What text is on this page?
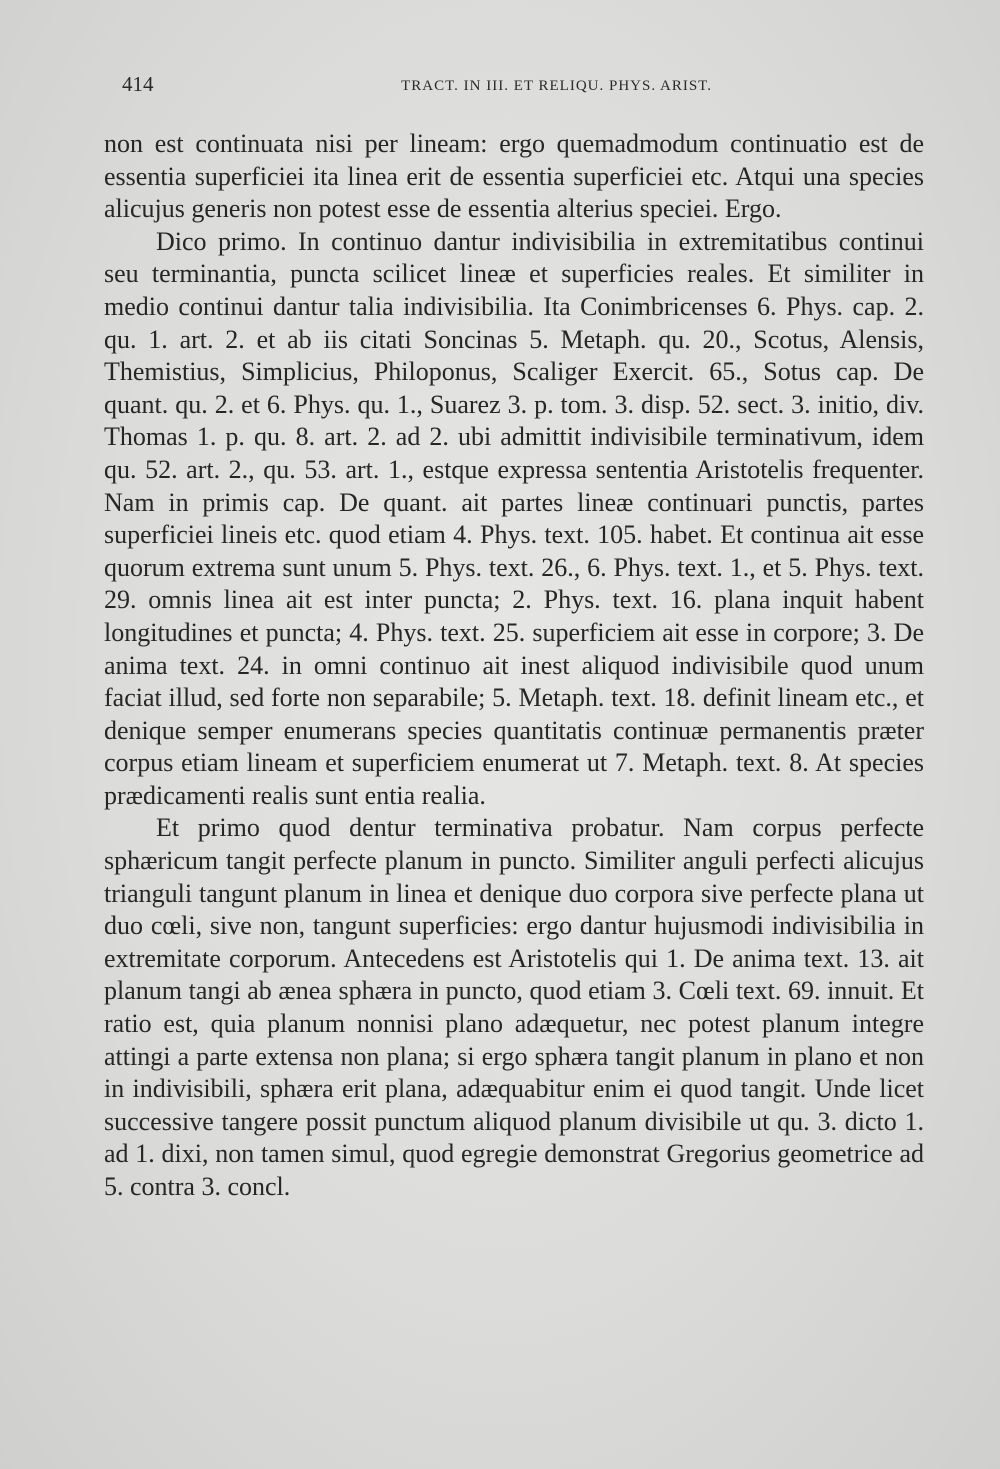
414	TRACT. IN III. ET RELIQU. PHYS. ARIST.

non est continuata nisi per lineam: ergo quemadmodum continuatio est de essentia superficiei ita linea erit de essentia superficiei etc. Atqui una species alicujus generis non potest esse de essentia alterius speciei. Ergo.

Dico primo. In continuo dantur indivisibilia in extremitatibus continui seu terminantia, puncta scilicet lineæ et superficies reales. Et similiter in medio continui dantur talia indivisibilia. Ita Conimbricenses 6. Phys. cap. 2. qu. 1. art. 2. et ab iis citati Soncinas 5. Metaph. qu. 20., Scotus, Alensis, Themistius, Simplicius, Philoponus, Scaliger Exercit. 65., Sotus cap. De quant. qu. 2. et 6. Phys. qu. 1., Suarez 3. p. tom. 3. disp. 52. sect. 3. initio, div. Thomas 1. p. qu. 8. art. 2. ad 2. ubi admittit indivisibile terminativum, idem qu. 52. art. 2., qu. 53. art. 1., estque expressa sententia Aristotelis frequenter. Nam in primis cap. De quant. ait partes lineæ continuari punctis, partes superficiei lineis etc. quod etiam 4. Phys. text. 105. habet. Et continua ait esse quorum extrema sunt unum 5. Phys. text. 26., 6. Phys. text. 1., et 5. Phys. text. 29. omnis linea ait est inter puncta; 2. Phys. text. 16. plana inquit habent longitudines et puncta; 4. Phys. text. 25. superficiem ait esse in corpore; 3. De anima text. 24. in omni continuo ait inest aliquod indivisibile quod unum faciat illud, sed forte non separabile; 5. Metaph. text. 18. definit lineam etc., et denique semper enumerans species quantitatis continuæ permanentis præter corpus etiam lineam et superficiem enumerat ut 7. Metaph. text. 8. At species prædicamenti realis sunt entia realia.

Et primo quod dentur terminativa probatur. Nam corpus perfecte sphæricum tangit perfecte planum in puncto. Similiter anguli perfecti alicujus trianguli tangunt planum in linea et denique duo corpora sive perfecte plana ut duo cœli, sive non, tangunt superficies: ergo dantur hujusmodi indivisibilia in extremitate corporum. Antecedens est Aristotelis qui 1. De anima text. 13. ait planum tangi ab ænea sphæra in puncto, quod etiam 3. Cœli text. 69. innuit. Et ratio est, quia planum nonnisi plano adæquetur, nec potest planum integre attingi a parte extensa non plana; si ergo sphæra tangit planum in plano et non in indivisibili, sphæra erit plana, adæquabitur enim ei quod tangit. Unde licet successive tangere possit punctum aliquod planum divisibile ut qu. 3. dicto 1. ad 1. dixi, non tamen simul, quod egregie demonstrat Gregorius geometrice ad 5. contra 3. concl.
